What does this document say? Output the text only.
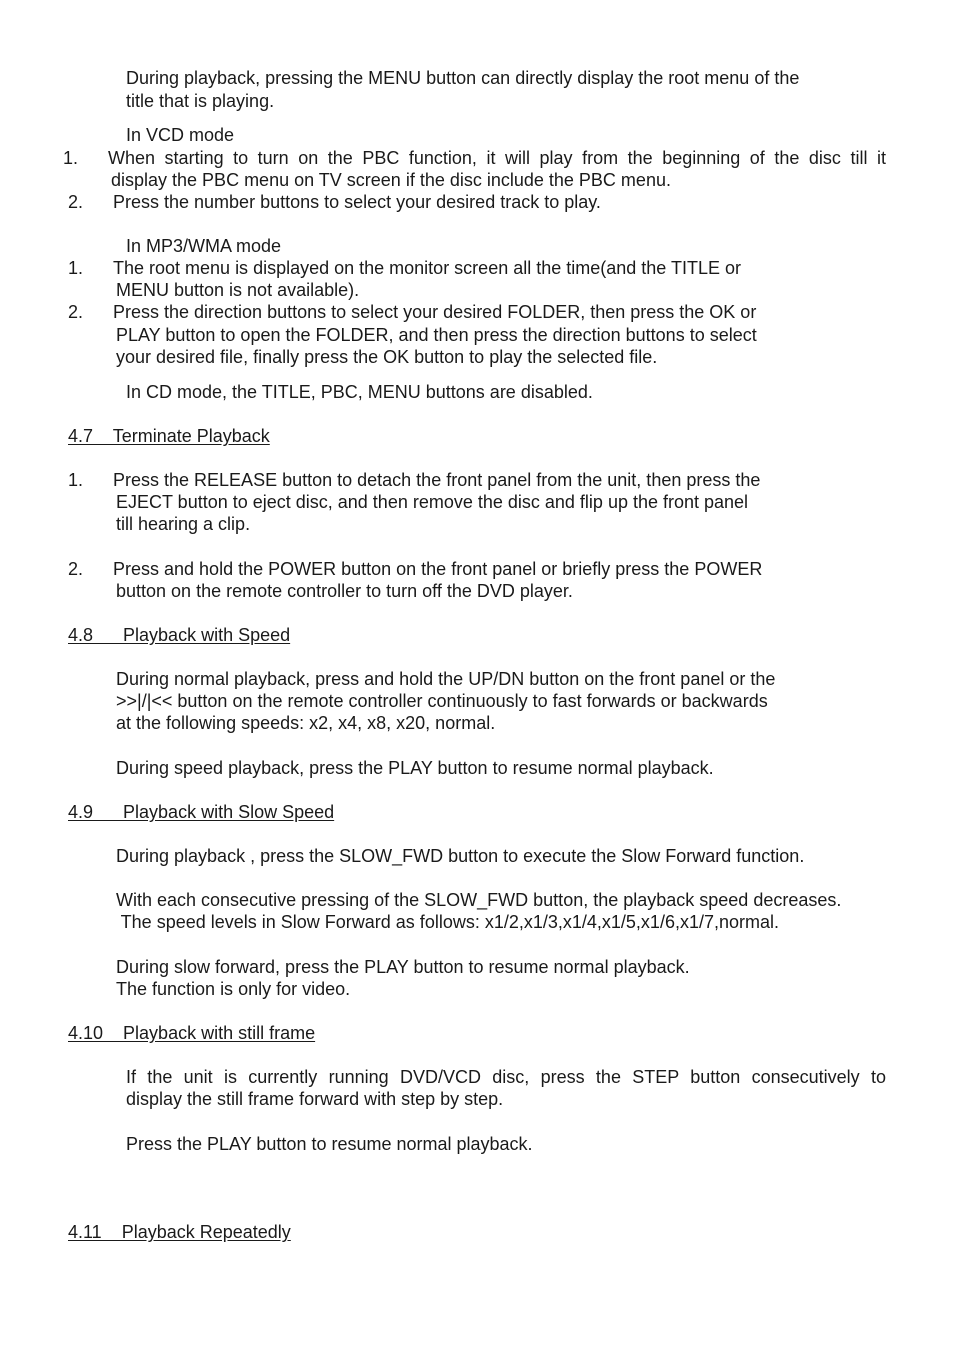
During playback, pressing the MENU button can directly display the root menu of the

title that is playing.

In VCD mode

1. When starting to turn on the PBC function, it will play from the beginning of the disc till it

display the PBC menu on TV screen if the disc include the PBC menu.

2. Press the number buttons to select your desired track to play.

In MP3/WMA mode

1. The root menu is displayed on the monitor screen all the time(and the TITLE or

MENU button is not available).

2. Press the direction buttons to select your desired FOLDER, then press the OK or

PLAY button to open the FOLDER, and then press the direction buttons to select

your desired file, finally press the OK button to play the selected file.

In CD mode, the TITLE, PBC, MENU buttons are disabled.

4.7    Terminate Playback

1. Press the RELEASE button to detach the front panel from the unit, then press the

EJECT button to eject disc, and then remove the disc and flip up the front panel

till hearing a clip.

2. Press and hold the POWER button on the front panel or briefly press the POWER

button on the remote controller to turn off the DVD player.

4.8      Playback with Speed

During normal playback, press and hold the UP/DN button on the front panel or the

>>|/|<< button on the remote controller continuously to fast forwards or backwards

at the following speeds: x2, x4, x8, x20, normal.

During speed playback, press the PLAY button to resume normal playback.

4.9      Playback with Slow Speed

During playback , press the SLOW_FWD button to execute the Slow Forward function.

With each consecutive pressing of the SLOW_FWD button, the playback speed decreases.

The speed levels in Slow Forward as follows: x1/2,x1/3,x1/4,x1/5,x1/6,x1/7,normal.

During slow forward, press the PLAY button to resume normal playback.

The function is only for video.

4.10    Playback with still frame

If the unit is currently running DVD/VCD disc, press the STEP button consecutively to

display the still frame forward with step by step.

Press the PLAY button to resume normal playback.

4.11    Playback Repeatedly
